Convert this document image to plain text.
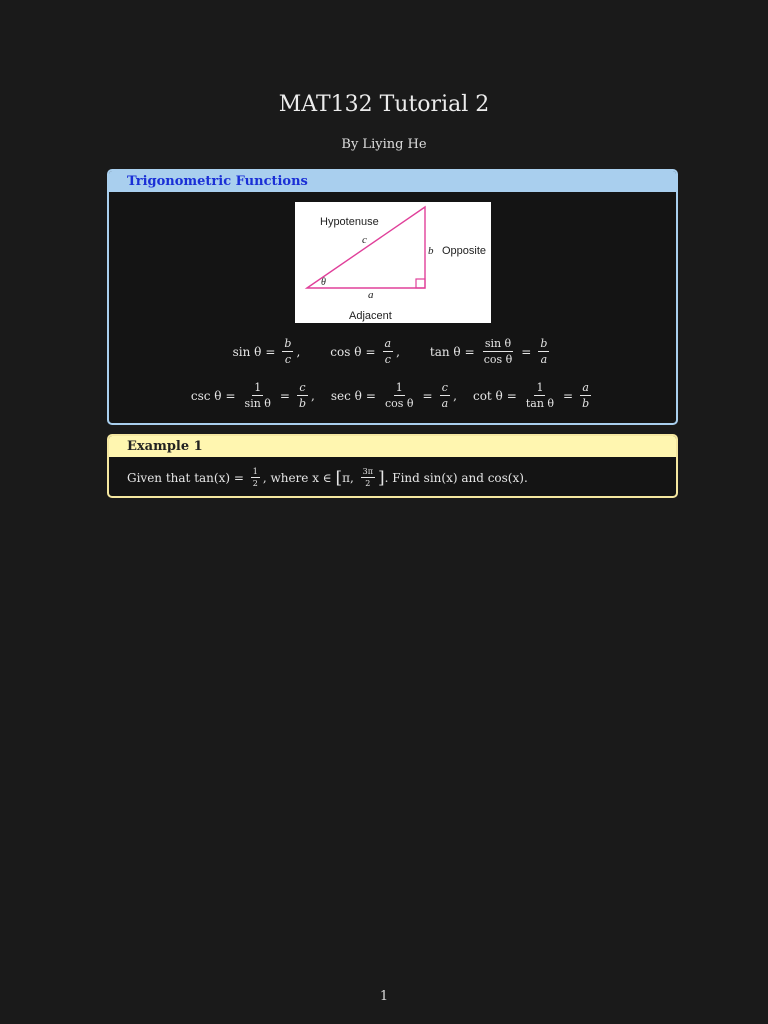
MAT132 Tutorial 2
By Liying He
Trigonometric Functions
Hypotenuse
c
b Opposite
θ
a
Adjacent
$\sin \theta = \frac{b}{c}$ ,	$\cos \theta = \frac{a}{c}$ ,	$\tan \theta = \frac{\text{sin θ}}{\text{cos θ}} = \frac{b}{a}$
$\csc \theta = \frac{1}{\text{sin θ}} = \frac{c}{b}$ , $\sec \theta = \frac{1}{\text{cos θ}} = \frac{c}{a}$ , $\cot \theta = \frac{1}{\text{tan θ}} = \frac{a}{b}$
Example 1
Given that $\tan(x) = \frac{1}{2}$ , where x ∈ [ π, $\frac{3\pi}{2}$ ] . Find sin(x) and cos(x).
1
